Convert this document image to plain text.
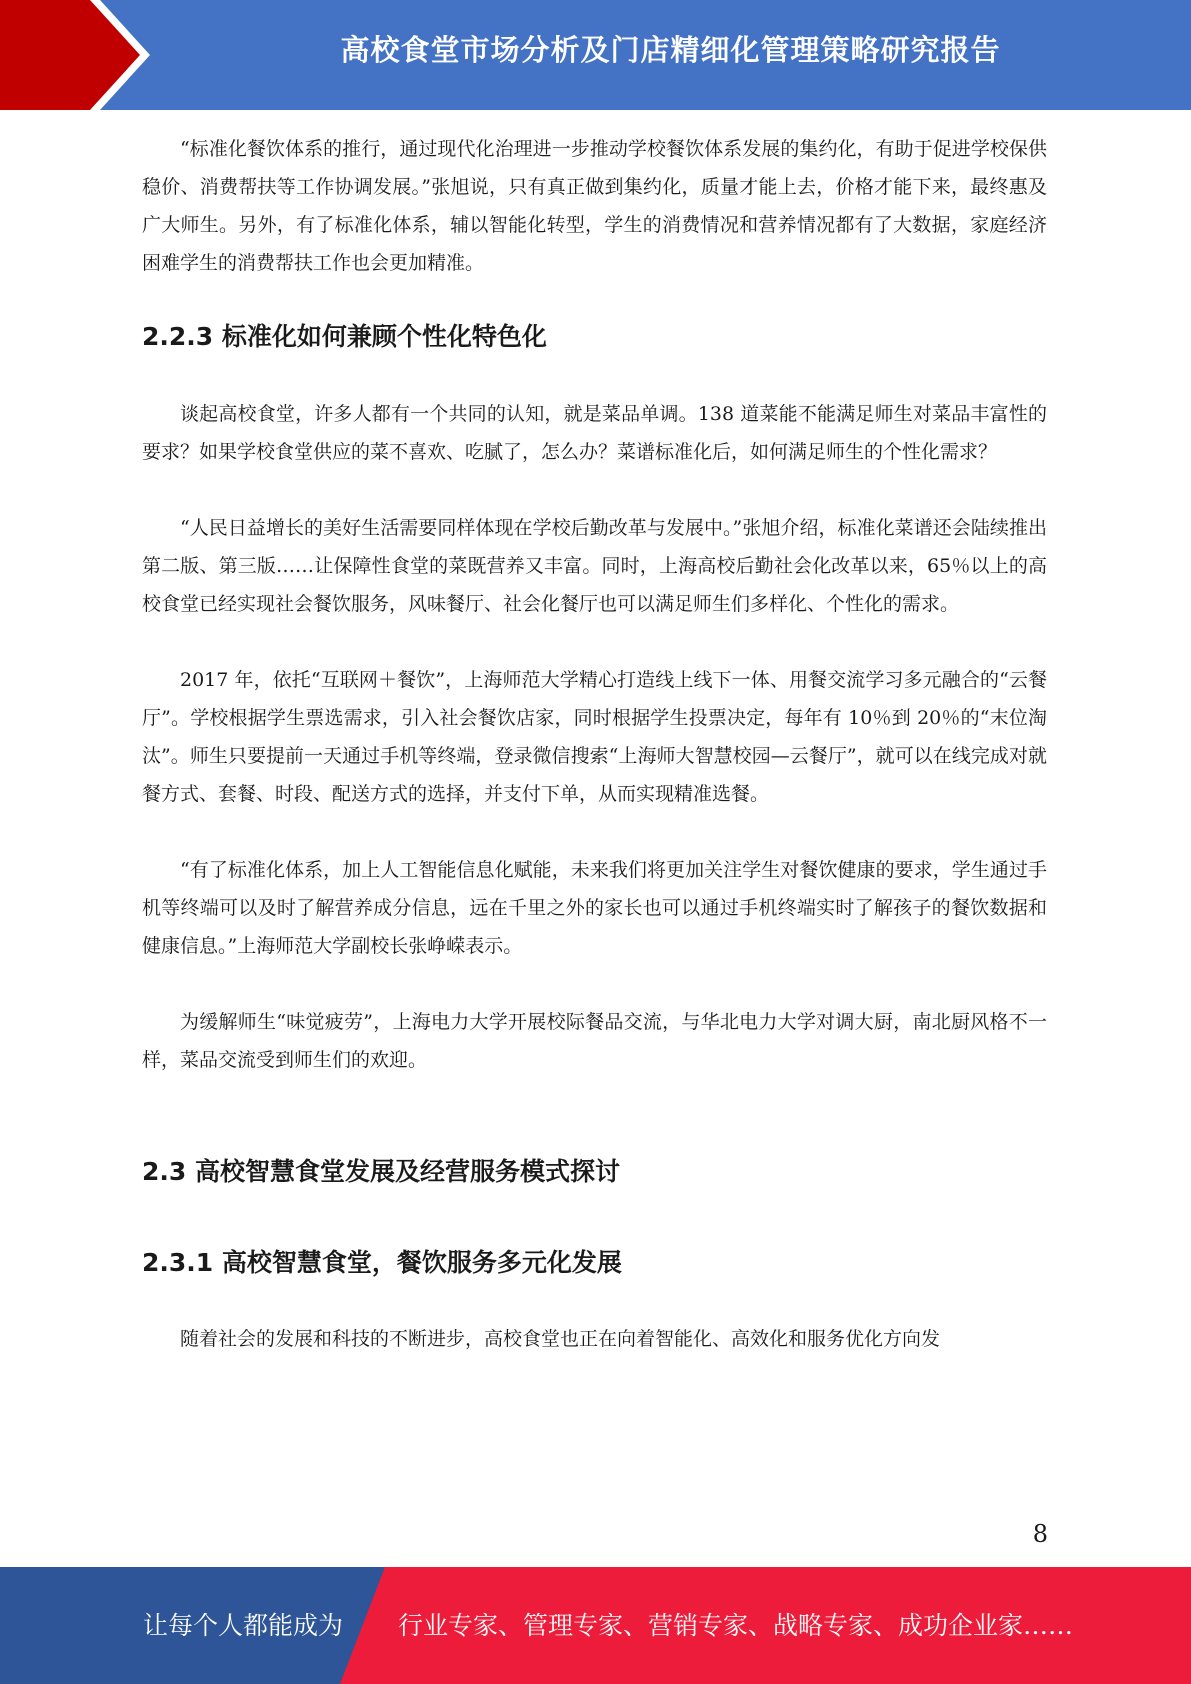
高校食堂市场分析及门店精细化管理策略研究报告

“标准化餐饮体系的推行，通过现代化治理进一步推动学校餐饮体系发展的集约化，有助于促进学校保供稳价、消费帮扶等工作协调发展。”张旭说，只有真正做到集约化，质量才能上去，价格才能下来，最终惠及广大师生。另外，有了标准化体系，辅以智能化转型，学生的消费情况和营养情况都有了大数据，家庭经济困难学生的消费帮扶工作也会更加精准。

2.2.3 标准化如何兼顾个性化特色化

谈起高校食堂，许多人都有一个共同的认知，就是菜品单调。138 道菜能不能满足师生对菜品丰富性的要求？如果学校食堂供应的菜不喜欢、吃腻了，怎么办？菜谱标准化后，如何满足师生的个性化需求？

“人民日益增长的美好生活需要同样体现在学校后勤改革与发展中。”张旭介绍，标准化菜谱还会陆续推出第二版、第三版……让保障性食堂的菜既营养又丰富。同时，上海高校后勤社会化改革以来，65％以上的高校食堂已经实现社会餐饮服务，风味餐厅、社会化餐厅也可以满足师生们多样化、个性化的需求。

2017 年，依托“互联网＋餐饮”，上海师范大学精心打造线上线下一体、用餐交流学习多元融合的“云餐厅”。学校根据学生票选需求，引入社会餐饮店家，同时根据学生投票决定，每年有 10％到 20％的“末位淘汰”。师生只要提前一天通过手机等终端，登录微信搜索“上海师大智慧校园—云餐厅”，就可以在线完成对就餐方式、套餐、时段、配送方式的选择，并支付下单，从而实现精准选餐。

“有了标准化体系，加上人工智能信息化赋能，未来我们将更加关注学生对餐饮健康的要求，学生通过手机等终端可以及时了解营养成分信息，远在千里之外的家长也可以通过手机终端实时了解孩子的餐饮数据和健康信息。”上海师范大学副校长张峥嵘表示。

为缓解师生“味觉疲劳”，上海电力大学开展校际餐品交流，与华北电力大学对调大厨，南北厨风格不一样，菜品交流受到师生们的欢迎。

2.3 高校智慧食堂发展及经营服务模式探讨
2.3.1 高校智慧食堂，餐饮服务多元化发展

随着社会的发展和科技的不断进步，高校食堂也正在向着智能化、高效化和服务优化方向发

8
让每个人都能成为 行业专家、管理专家、营销专家、战略专家、成功企业家……
